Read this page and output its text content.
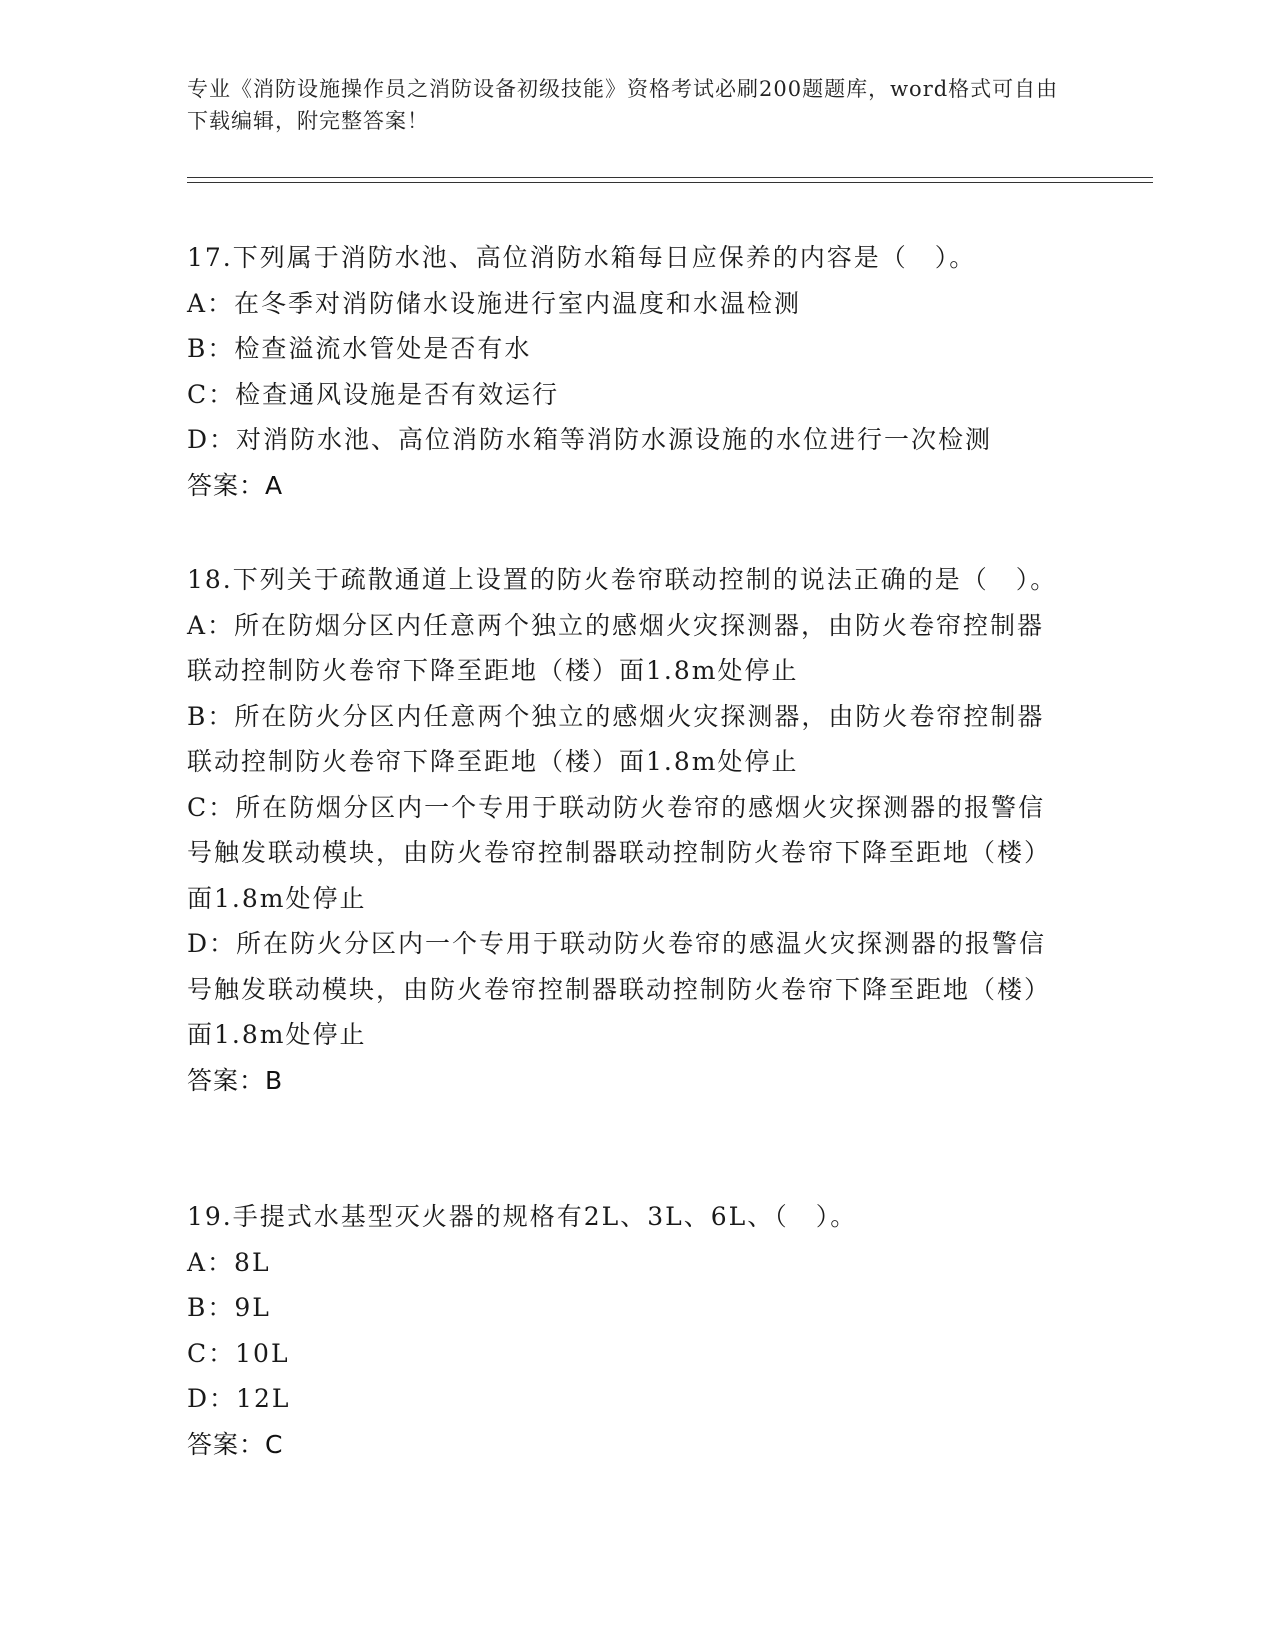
专业《消防设施操作员之消防设备初级技能》资格考试必刷200题题库，word格式可自由下载编辑，附完整答案！

17.下列属于消防水池、高位消防水箱每日应保养的内容是（　）。

A：在冬季对消防储水设施进行室内温度和水温检测

B：检查溢流水管处是否有水

C：检查通风设施是否有效运行

D：对消防水池、高位消防水箱等消防水源设施的水位进行一次检测

答案：A

18.下列关于疏散通道上设置的防火卷帘联动控制的说法正确的是（　）。

A：所在防烟分区内任意两个独立的感烟火灾探测器，由防火卷帘控制器联动控制防火卷帘下降至距地（楼）面1.8m处停止

B：所在防火分区内任意两个独立的感烟火灾探测器，由防火卷帘控制器联动控制防火卷帘下降至距地（楼）面1.8m处停止

C：所在防烟分区内一个专用于联动防火卷帘的感烟火灾探测器的报警信号触发联动模块，由防火卷帘控制器联动控制防火卷帘下降至距地（楼）面1.8m处停止

D：所在防火分区内一个专用于联动防火卷帘的感温火灾探测器的报警信号触发联动模块，由防火卷帘控制器联动控制防火卷帘下降至距地（楼）面1.8m处停止

答案：B

19.手提式水基型灭火器的规格有2L、3L、6L、（　）。

A：8L

B：9L

C：10L

D：12L

答案：C
